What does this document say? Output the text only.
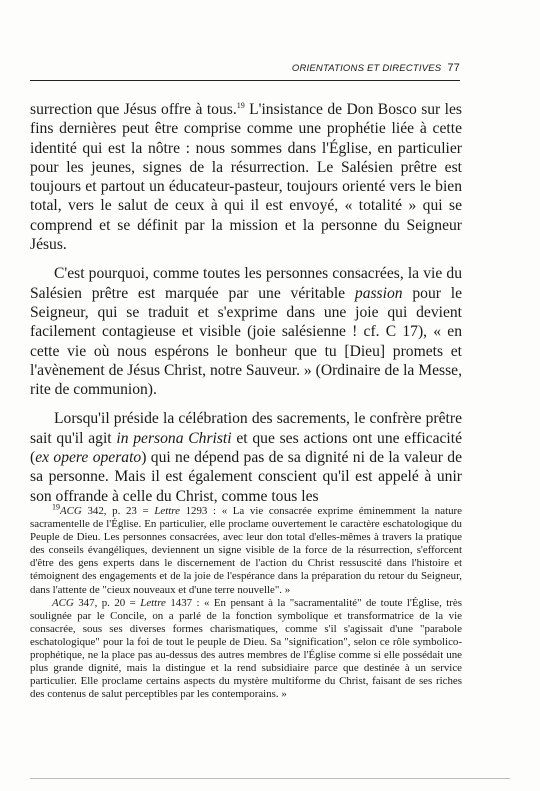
ORIENTATIONS ET DIRECTIVES 77

surrection que Jésus offre à tous.$^{19}$ L'insistance de Don Bosco sur les fins dernières peut être comprise comme une prophétie liée à cette identité qui est la nôtre : nous sommes dans l'Église, en particulier pour les jeunes, signes de la résurrection. Le Salésien prêtre est toujours et partout un éducateur-pasteur, toujours orienté vers le bien total, vers le salut de ceux à qui il est envoyé, « totalité » qui se comprend et se définit par la mission et la personne du Seigneur Jésus.

C'est pourquoi, comme toutes les personnes consacrées, la vie du Salésien prêtre est marquée par une véritable passion pour le Seigneur, qui se traduit et s'exprime dans une joie qui devient facilement contagieuse et visible (joie salésienne ! cf. C 17), « en cette vie où nous espérons le bonheur que tu [Dieu] promets et l'avènement de Jésus Christ, notre Sauveur. » (Ordinaire de la Messe, rite de communion).

Lorsqu'il préside la célébration des sacrements, le confrère prêtre sait qu'il agit in persona Christi et que ses actions ont une efficacité (ex opere operato) qui ne dépend pas de sa dignité ni de la valeur de sa personne. Mais il est également conscient qu'il est appelé à unir son offrande à celle du Christ, comme tous les

$^{19}$ACG 342, p. 23 = Lettre 1293 : « La vie consacrée exprime éminemment la nature sacramentelle de l'Église. En particulier, elle proclame ouvertement le caractère eschatologique du Peuple de Dieu. Les personnes consacrées, avec leur don total d'elles-mêmes à travers la pratique des conseils évangéliques, deviennent un signe visible de la force de la résurrection, s'efforcent d'être des gens experts dans le discernement de l'action du Christ ressuscité dans l'histoire et témoignent des engagements et de la joie de l'espérance dans la préparation du retour du Seigneur, dans l'attente de "cieux nouveaux et d'une terre nouvelle". »

ACG 347, p. 20 = Lettre 1437 : « En pensant à la "sacramentalité" de toute l'Église, très soulignée par le Concile, on a parlé de la fonction symbolique et transformatrice de la vie consacrée, sous ses diverses formes charismatiques, comme s'il s'agissait d'une "parabole eschatologique" pour la foi de tout le peuple de Dieu. Sa "signification", selon ce rôle symbolico-prophétique, ne la place pas au-dessus des autres membres de l'Église comme si elle possédait une plus grande dignité, mais la distingue et la rend subsidiaire parce que destinée à un service particulier. Elle proclame certains aspects du mystère multiforme du Christ, faisant de ses riches des contenus de salut perceptibles par les contemporains. »
